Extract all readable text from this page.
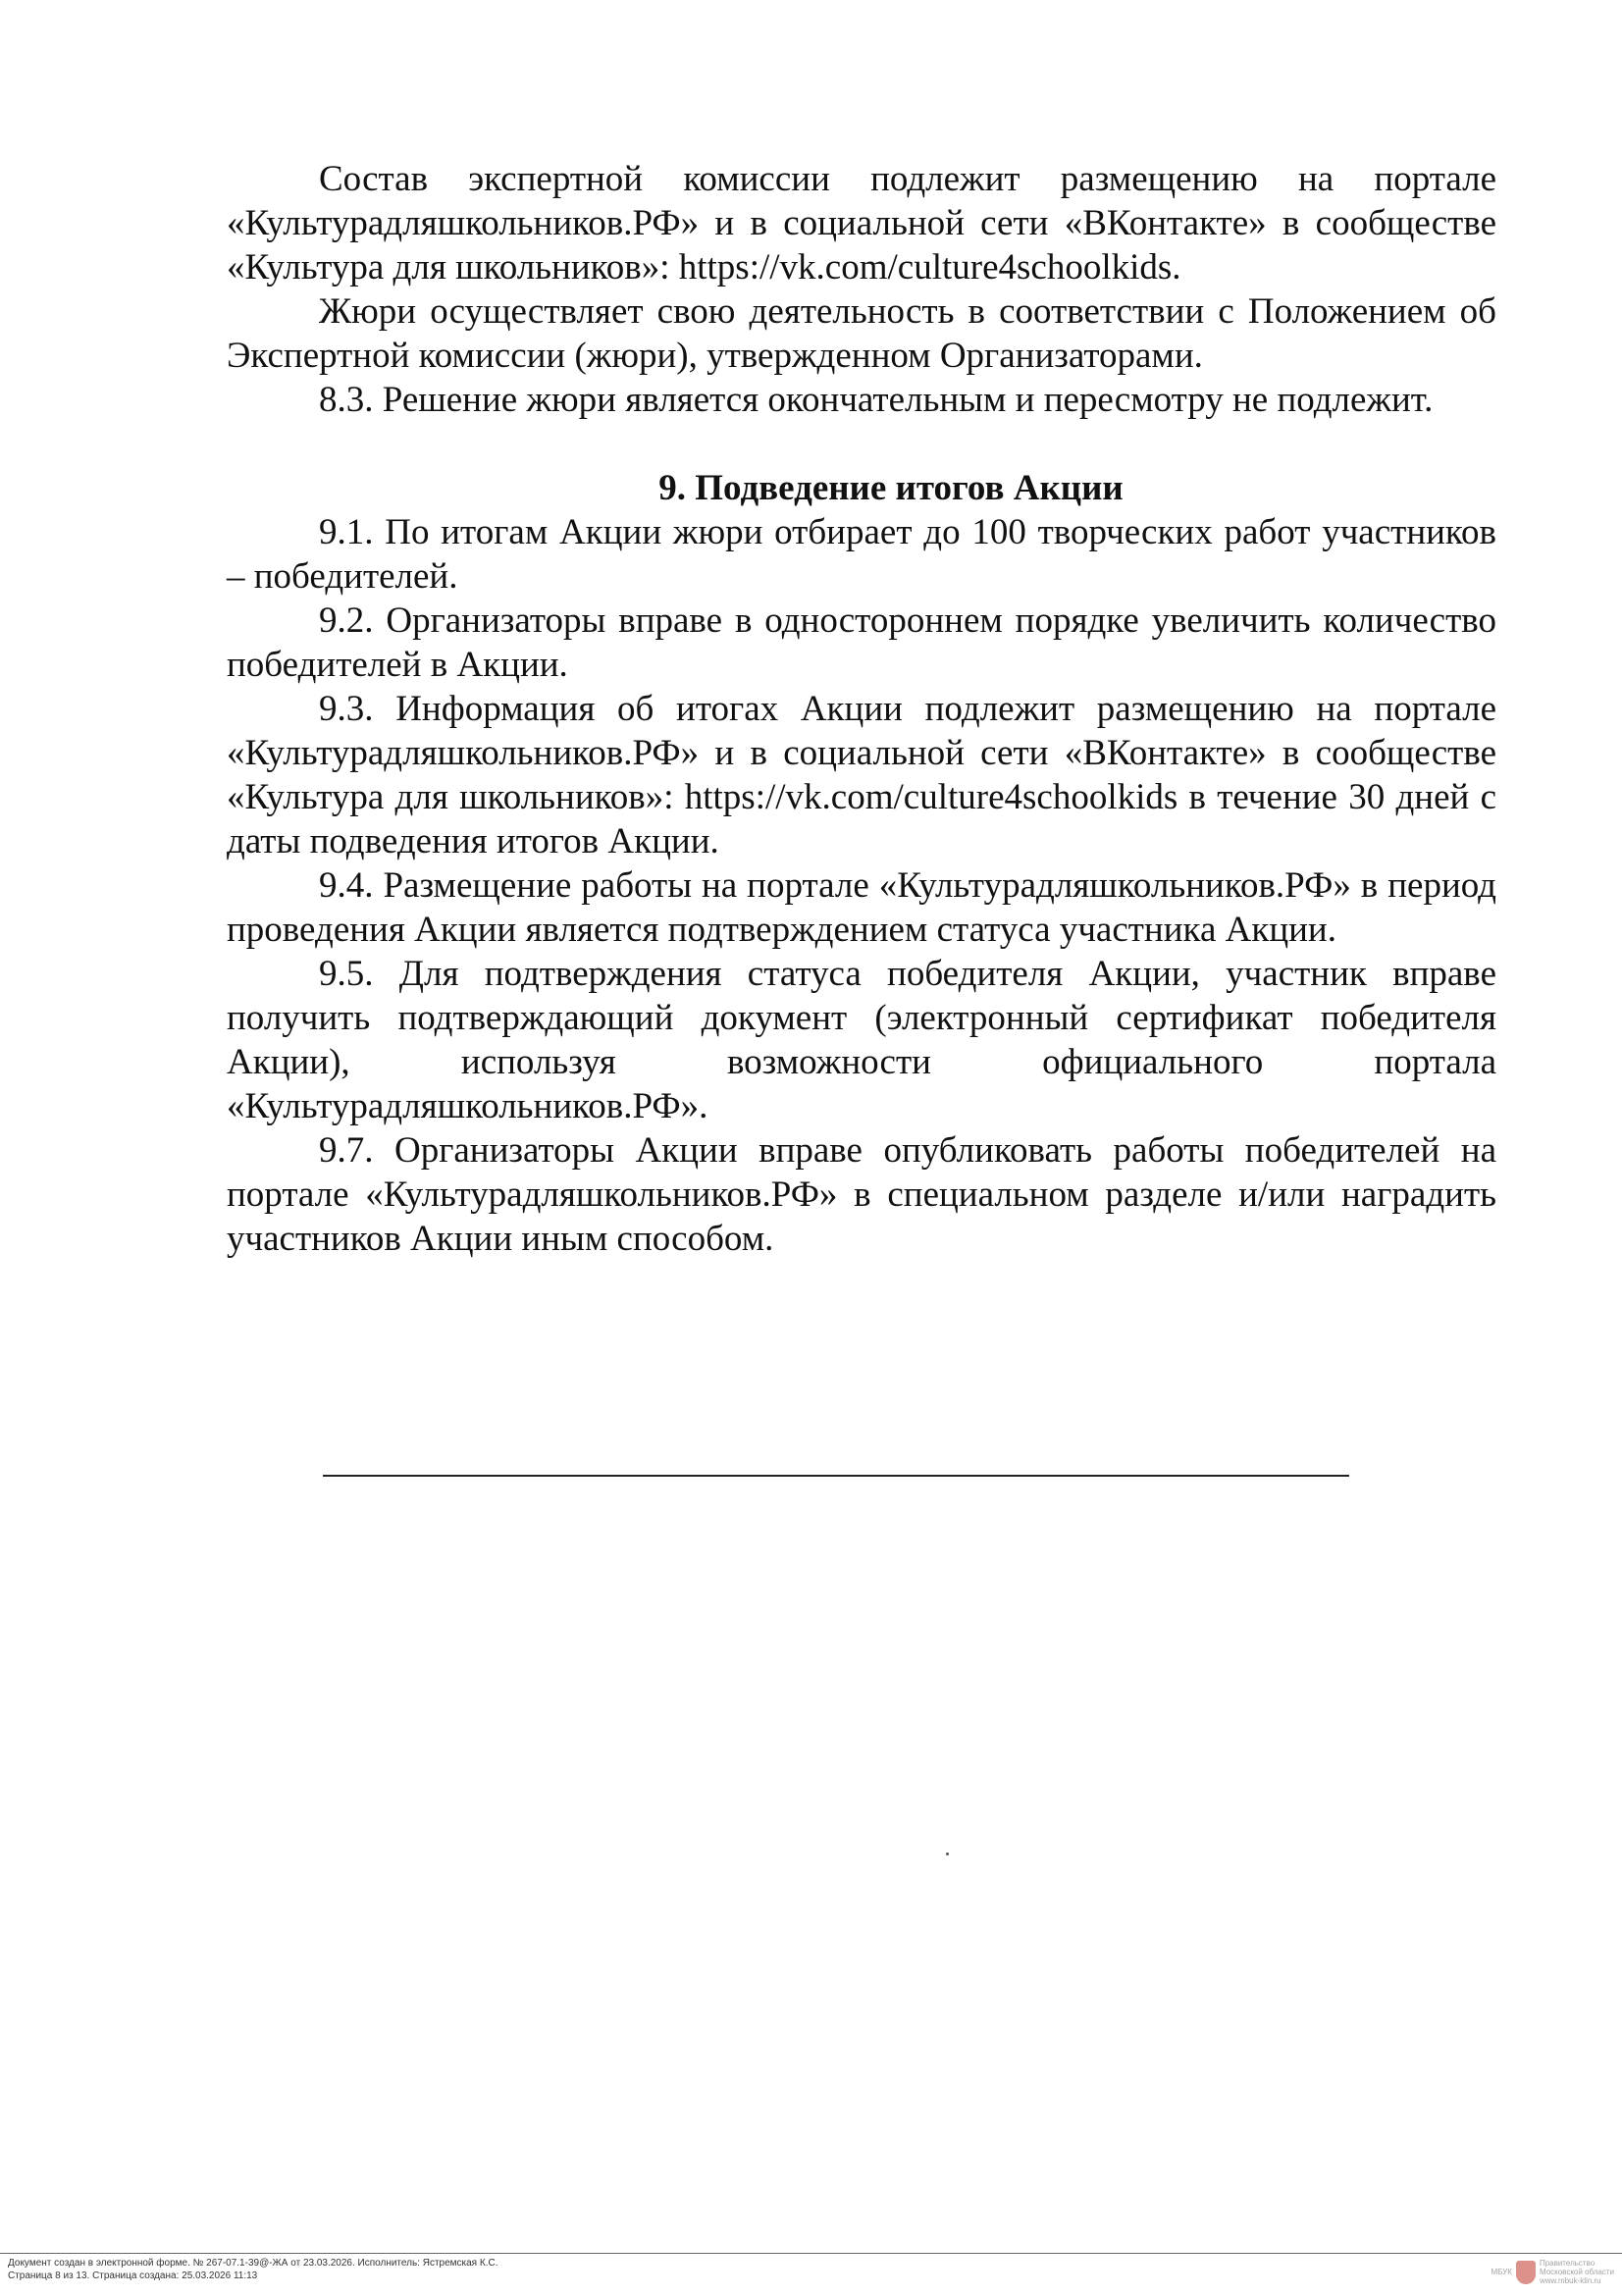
Состав экспертной комиссии подлежит размещению на портале «Культурадляшкольников.РФ» и в социальной сети «ВКонтакте» в сообществе «Культура для школьников»: https://vk.com/culture4schoolkids.

Жюри осуществляет свою деятельность в соответствии с Положением об Экспертной комиссии (жюри), утвержденном Организаторами.

8.3. Решение жюри является окончательным и пересмотру не подлежит.

9. Подведение итогов Акции

9.1. По итогам Акции жюри отбирает до 100 творческих работ участников – победителей.

9.2. Организаторы вправе в одностороннем порядке увеличить количество победителей в Акции.

9.3. Информация об итогах Акции подлежит размещению на портале «Культурадляшкольников.РФ» и в социальной сети «ВКонтакте» в сообществе «Культура для школьников»: https://vk.com/culture4schoolkids в течение 30 дней с даты подведения итогов Акции.

9.4. Размещение работы на портале «Культурадляшкольников.РФ» в период проведения Акции является подтверждением статуса участника Акции.

9.5. Для подтверждения статуса победителя Акции, участник вправе получить подтверждающий документ (электронный сертификат победителя Акции), используя возможности официального портала «Культурадляшкольников.РФ».

9.7. Организаторы Акции вправе опубликовать работы победителей на портале «Культурадляшкольников.РФ» в специальном разделе и/или наградить участников Акции иным способом.

Документ создан в электронной форме. № 267-07.1-39@-ЖА от 23.03.2026. Исполнитель: Ястремская К.С.
Страница 8 из 13. Страница создана: 25.03.2026 11:13	МБУК
Правительство
Московской области
www.mbuk-klin.ru
